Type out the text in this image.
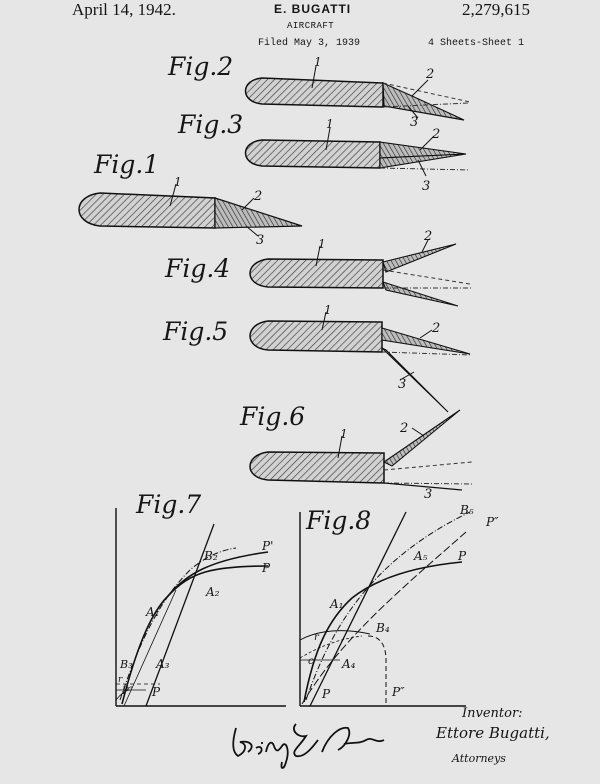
April 14, 1942.	E. BUGATTI	2,279,615
AIRCRAFT
Filed May 3, 1939	4 Sheets-Sheet 1
Fig.2
Fig.3
Fig.1
Fig.4
Fig.5
Fig.6
Fig.7
Fig.8
1
2
3
1
2
3
1
2
3	1	2
1
2
3
1	2
3
P'
P
B₂
A₂
A₁
B₃ A₃
P″ P
r
B₅
P″
A₅	P
A₁
B₄
A₄
r
c
P	P″
Inventor:
Ettore Bugatti,
Attorneys
